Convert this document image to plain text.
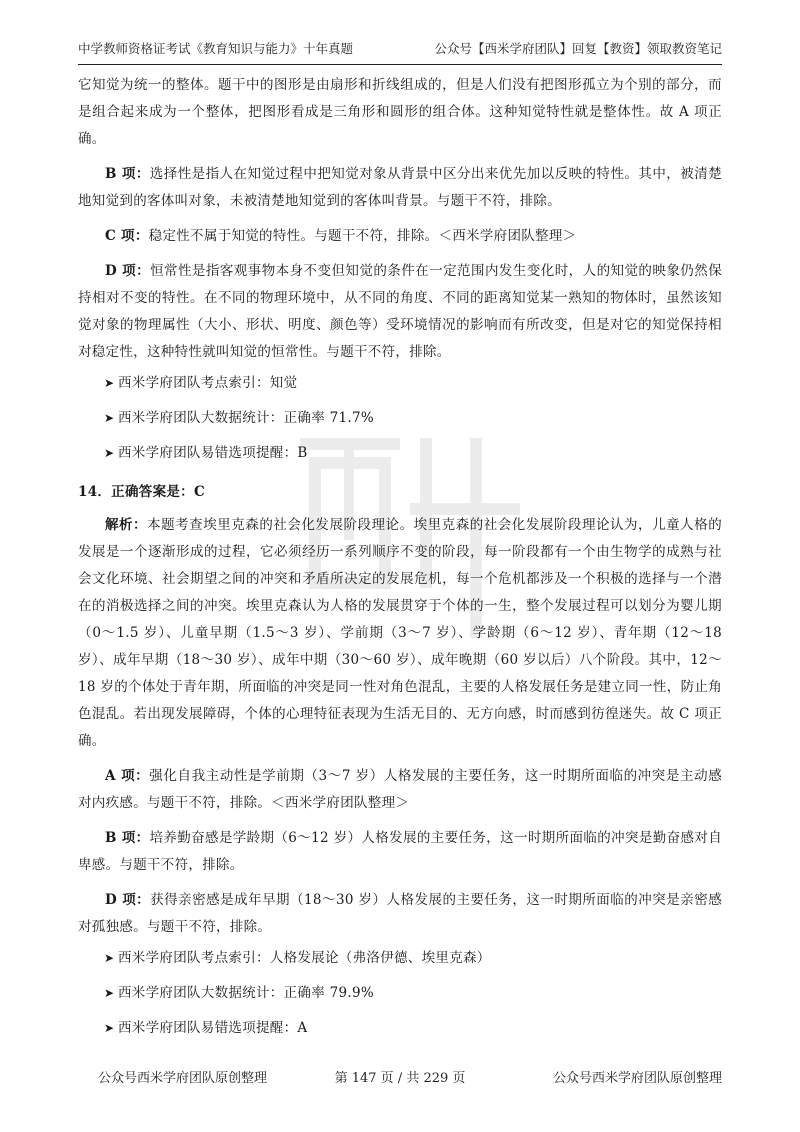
中学教师资格证考试《教育知识与能力》十年真题	公众号【西米学府团队】回复【教资】领取教资笔记

它知觉为统一的整体。题干中的图形是由扇形和折线组成的，但是人们没有把图形孤立为个别的部分，而是组合起来成为一个整体，把图形看成是三角形和圆形的组合体。这种知觉特性就是整体性。故 A 项正确。

B 项：选择性是指人在知觉过程中把知觉对象从背景中区分出来优先加以反映的特性。其中，被清楚地知觉到的客体叫对象，未被清楚地知觉到的客体叫背景。与题干不符，排除。

C 项：稳定性不属于知觉的特性。与题干不符，排除。＜西米学府团队整理＞

D 项：恒常性是指客观事物本身不变但知觉的条件在一定范围内发生变化时，人的知觉的映象仍然保持相对不变的特性。在不同的物理环境中，从不同的角度、不同的距离知觉某一熟知的物体时，虽然该知觉对象的物理属性（大小、形状、明度、颜色等）受环境情况的影响而有所改变，但是对它的知觉保持相对稳定性，这种特性就叫知觉的恒常性。与题干不符，排除。

➤ 西米学府团队考点索引：知觉
➤ 西米学府团队大数据统计：正确率 71.7%
➤ 西米学府团队易错选项提醒：B
14．正确答案是：C

解析：本题考查埃里克森的社会化发展阶段理论。埃里克森的社会化发展阶段理论认为，儿童人格的发展是一个逐渐形成的过程，它必须经历一系列顺序不变的阶段，每一阶段都有一个由生物学的成熟与社会文化环境、社会期望之间的冲突和矛盾所决定的发展危机，每一个危机都涉及一个积极的选择与一个潜在的消极选择之间的冲突。埃里克森认为人格的发展贯穿于个体的一生，整个发展过程可以划分为婴儿期（0～1.5 岁）、儿童早期（1.5～3 岁）、学前期（3～7 岁）、学龄期（6～12 岁）、青年期（12～18 岁）、成年早期（18～30 岁）、成年中期（30～60 岁）、成年晚期（60 岁以后）八个阶段。其中，12～18 岁的个体处于青年期，所面临的冲突是同一性对角色混乱，主要的人格发展任务是建立同一性，防止角色混乱。若出现发展障碍，个体的心理特征表现为生活无目的、无方向感，时而感到彷徨迷失。故 C 项正确。

A 项：强化自我主动性是学前期（3～7 岁）人格发展的主要任务，这一时期所面临的冲突是主动感对内疚感。与题干不符，排除。＜西米学府团队整理＞

B 项：培养勤奋感是学龄期（6～12 岁）人格发展的主要任务，这一时期所面临的冲突是勤奋感对自卑感。与题干不符，排除。

D 项：获得亲密感是成年早期（18～30 岁）人格发展的主要任务，这一时期所面临的冲突是亲密感对孤独感。与题干不符，排除。

➤ 西米学府团队考点索引：人格发展论（弗洛伊德、埃里克森）
➤ 西米学府团队大数据统计：正确率 79.9%
➤ 西米学府团队易错选项提醒：A
公众号西米学府团队原创整理	第 147 页 / 共 229 页	公众号西米学府团队原创整理
